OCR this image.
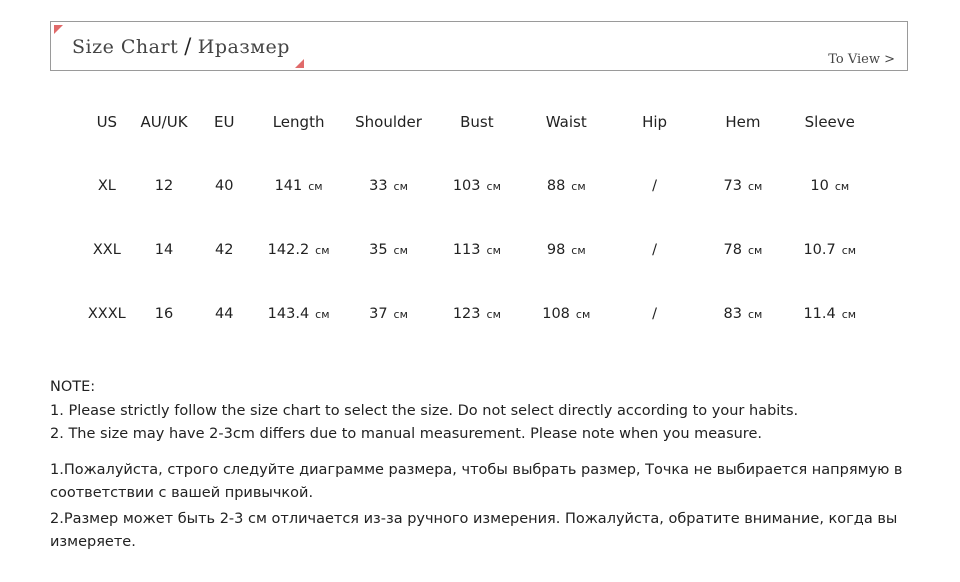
Size Chart / Иразмер
To View >
US	AU/UK	EU	Length	Shoulder	Bust	Waist	Hip	Hem	Sleeve
XL	12	40	141 cм	33 cм	103 cм	88 cм	/	73 cм	10 cм
XXL	14	42	142.2 cм	35 cм	113 cм	98 cм	/	78 cм	10.7 cм
XXXL	16	44	143.4 cм	37 cм	123 cм	108 cм	/	83 cм	11.4 cм
NOTE:
1. Please strictly follow the size chart to select the size. Do not select directly according to your habits.
2. The size may have 2-3cm differs due to manual measurement. Please note when you measure.
1.Пожалуйста, строго следуйте диаграмме размера, чтобы выбрать размер, Точка не выбирается напрямую в соответствии с вашей привычкой.
2.Размер может быть 2-3 см отличается из-за ручного измерения. Пожалуйста, обратите внимание, когда вы измеряете.
